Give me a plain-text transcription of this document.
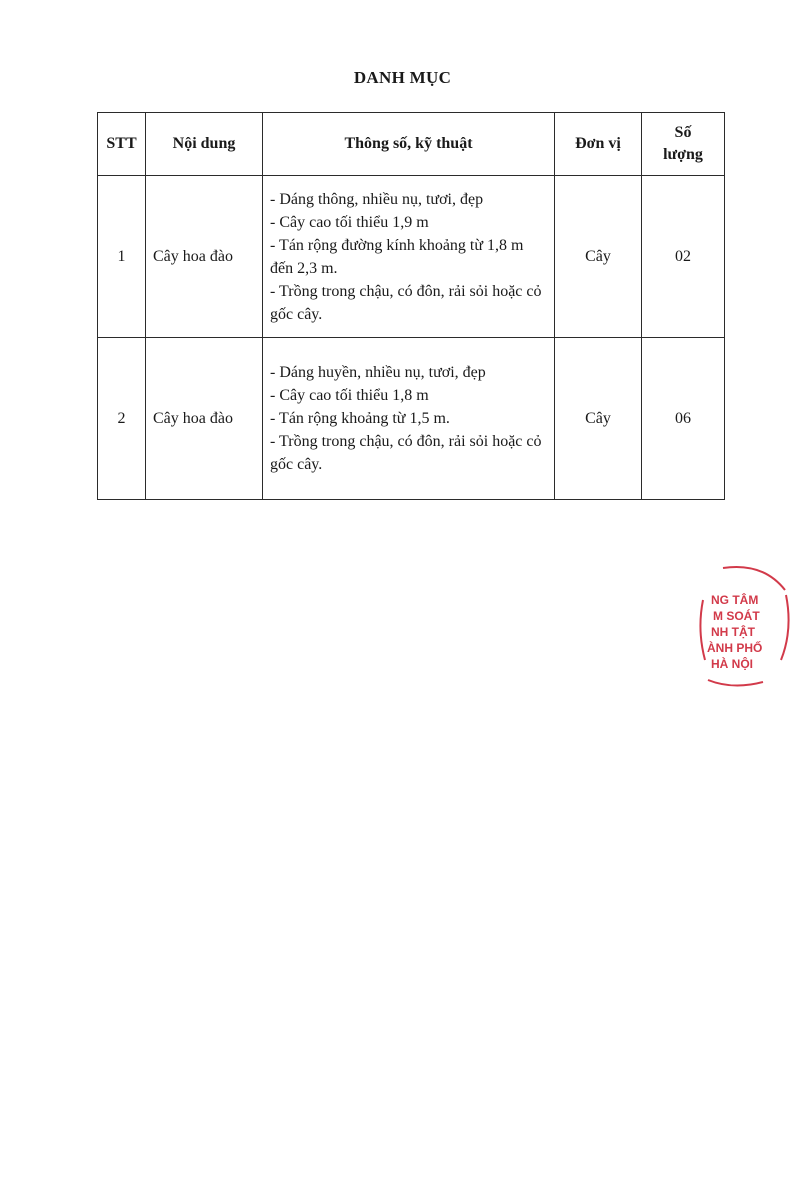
DANH MỤC
STT	Nội dung	Thông số, kỹ thuật	Đơn vị	Số
lượng
1	Cây hoa đào	- Dáng thông, nhiều nụ, tươi, đẹp
- Cây cao tối thiểu 1,9 m
- Tán rộng đường kính khoảng từ 1,8 m đến 2,3 m.
- Trồng trong chậu, có đôn, rải sỏi hoặc cỏ gốc cây.	Cây	02
2	Cây hoa đào	- Dáng huyền, nhiều nụ, tươi, đẹp
- Cây cao tối thiểu 1,8 m
- Tán rộng khoảng từ 1,5 m.
- Trồng trong chậu, có đôn, rải sỏi hoặc cỏ gốc cây.	Cây	06
NG TÂM
M SOÁT
NH TẬT
ÀNH PHỐ
HÀ NỘI
